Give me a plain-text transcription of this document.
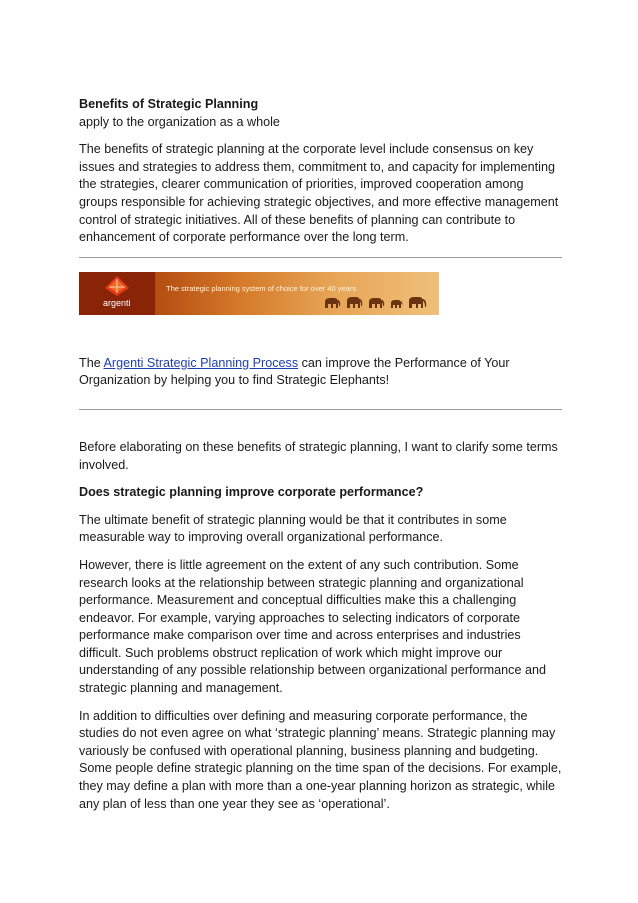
Benefits of Strategic Planning

apply to the organization as a whole

The benefits of strategic planning at the corporate level include consensus on key issues and strategies to address them, commitment to, and capacity for implementing the strategies, clearer communication of priorities, improved cooperation among groups responsible for achieving strategic objectives, and more effective management control of strategic initiatives. All of these benefits of planning can contribute to enhancement of corporate performance over the long term.

argenti
The strategic planning system of choice for over 40 years

The Argenti Strategic Planning Process can improve the Performance of Your Organization by helping you to find Strategic Elephants!

Before elaborating on these benefits of strategic planning, I want to clarify some terms involved.

Does strategic planning improve corporate performance?

The ultimate benefit of strategic planning would be that it contributes in some measurable way to improving overall organizational performance.

However, there is little agreement on the extent of any such contribution. Some research looks at the relationship between strategic planning and organizational performance. Measurement and conceptual difficulties make this a challenging endeavor. For example, varying approaches to selecting indicators of corporate performance make comparison over time and across enterprises and industries difficult. Such problems obstruct replication of work which might improve our understanding of any possible relationship between organizational performance and strategic planning and management.

In addition to difficulties over defining and measuring corporate performance, the studies do not even agree on what ‘strategic planning’ means. Strategic planning may variously be confused with operational planning, business planning and budgeting. Some people define strategic planning on the time span of the decisions. For example, they may define a plan with more than a one-year planning horizon as strategic, while any plan of less than one year they see as ‘operational’.
